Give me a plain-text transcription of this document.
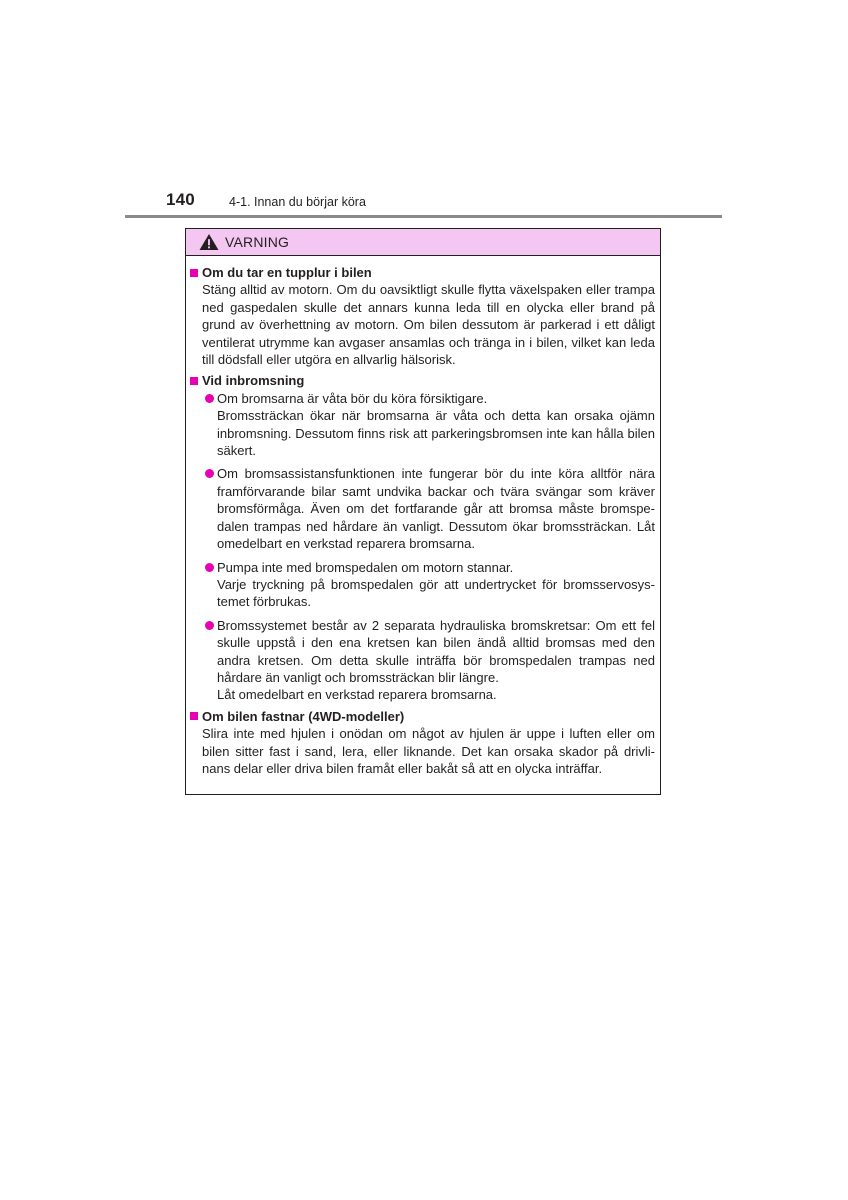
140	4-1. Innan du börjar köra
VARNING
Om du tar en tupplur i bilen
Stäng alltid av motorn. Om du oavsiktligt skulle flytta växelspaken eller trampa ned gaspedalen skulle det annars kunna leda till en olycka eller brand på grund av överhettning av motorn. Om bilen dessutom är parkerad i ett dåligt ventilerat utrymme kan avgaser ansamlas och tränga in i bilen, vilket kan leda till dödsfall eller utgöra en allvarlig hälsorisk.
Vid inbromsning

Om bromsarna är våta bör du köra försiktigare.

Bromssträckan ökar när bromsarna är våta och detta kan orsaka ojämn inbromsning. Dessutom finns risk att parkeringsbromsen inte kan hålla bilen säkert.

Om bromsassistansfunktionen inte fungerar bör du inte köra alltför nära framförvarande bilar samt undvika backar och tvära svängar som kräver bromsförmåga. Även om det fortfarande går att bromsa måste bromspe-dalen trampas ned hårdare än vanligt. Dessutom ökar bromssträckan. Låt omedelbart en verkstad reparera bromsarna.

Pumpa inte med bromspedalen om motorn stannar.

Varje tryckning på bromspedalen gör att undertrycket för bromsservosys-temet förbrukas.

Bromssystemet består av 2 separata hydrauliska bromskretsar: Om ett fel skulle uppstå i den ena kretsen kan bilen ändå alltid bromsas med den andra kretsen. Om detta skulle inträffa bör bromspedalen trampas ned hårdare än vanligt och bromssträckan blir längre.

Låt omedelbart en verkstad reparera bromsarna.

Om bilen fastnar (4WD-modeller)
Slira inte med hjulen i onödan om något av hjulen är uppe i luften eller om bilen sitter fast i sand, lera, eller liknande. Det kan orsaka skador på drivli-nans delar eller driva bilen framåt eller bakåt så att en olycka inträffar.
